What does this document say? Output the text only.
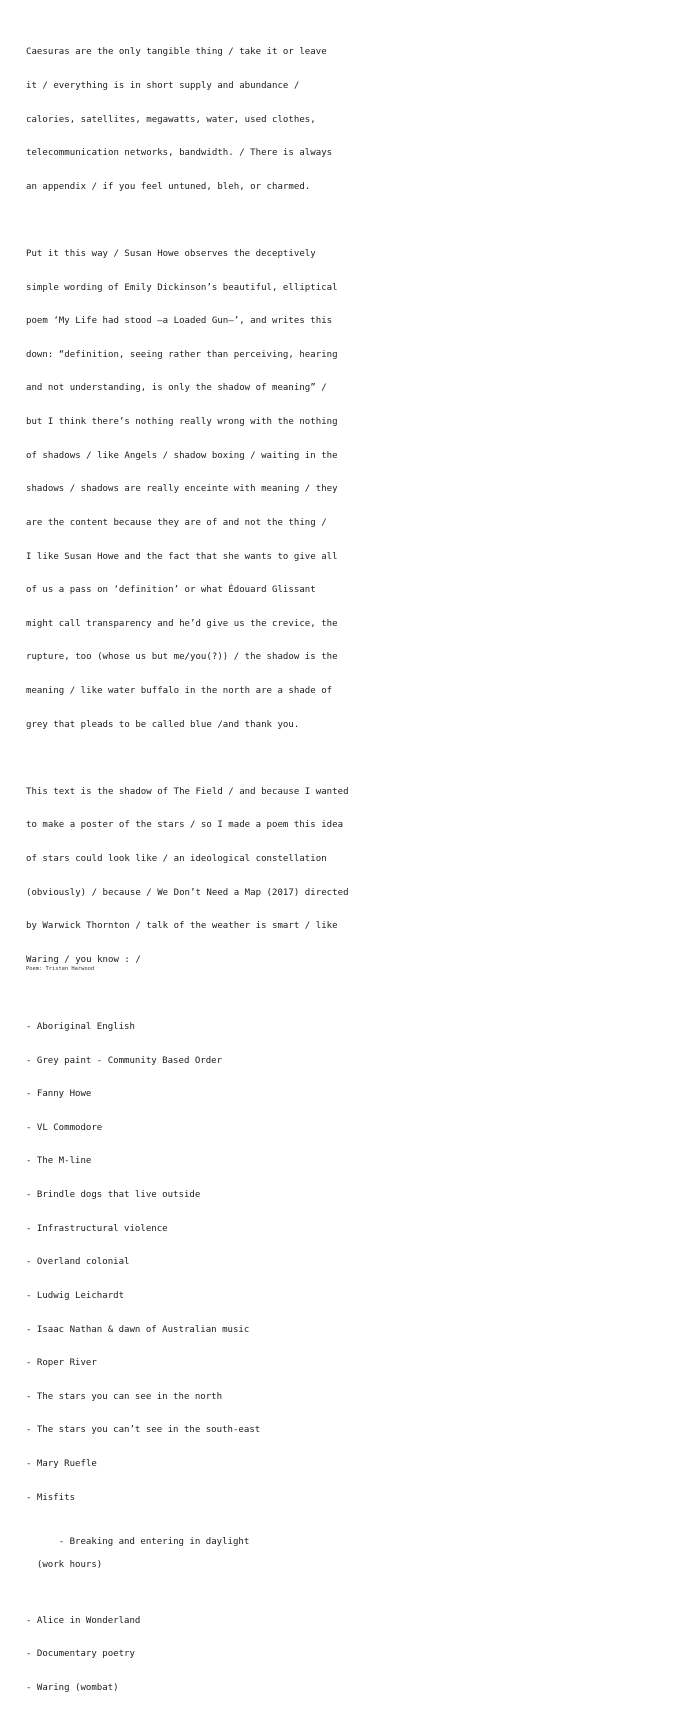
Caesuras are the only tangible thing / take it or leave

it / everything is in short supply and abundance /

calories, satellites, megawatts, water, used clothes,

telecommunication networks, bandwidth. / There is always

an appendix / if you feel untuned, bleh, or charmed.

Put it this way / Susan Howe observes the deceptively

simple wording of Emily Dickinson’s beautiful, elliptical

poem ‘My Life had stood –a Loaded Gun–’, and writes this

down: “definition, seeing rather than perceiving, hearing

and not understanding, is only the shadow of meaning” /

but I think there’s nothing really wrong with the nothing

of shadows / like Angels / shadow boxing / waiting in the

shadows / shadows are really enceinte with meaning / they

are the content because they are of and not the thing /

I like Susan Howe and the fact that she wants to give all

of us a pass on ‘definition’ or what Édouard Glissant

might call transparency and he’d give us the crevice, the

rupture, too (whose us but me/you(?)) / the shadow is the

meaning / like water buffalo in the north are a shade of

grey that pleads to be called blue /and thank you.

This text is the shadow of The Field / and because I wanted

to make a poster of the stars / so I made a poem this idea

of stars could look like / an ideological constellation

(obviously) / because / We Don’t Need a Map (2017) directed

by Warwick Thornton / talk of the weather is smart / like

Waring / you know : /

- Aboriginal English

- Grey paint - Community Based Order

- Fanny Howe

- VL Commodore

- The M-line

- Brindle dogs that live outside

- Infrastructural violence

- Overland colonial

- Ludwig Leichardt

- Isaac Nathan & dawn of Australian music

- Roper River

- The stars you can see in the north

- The stars you can’t see in the south-east

- Mary Ruefle

- Misfits

- Breaking and entering in daylight

(work hours)

- Alice in Wonderland

- Documentary poetry

- Waring (wombat)

Poem: Tristen Harwood
